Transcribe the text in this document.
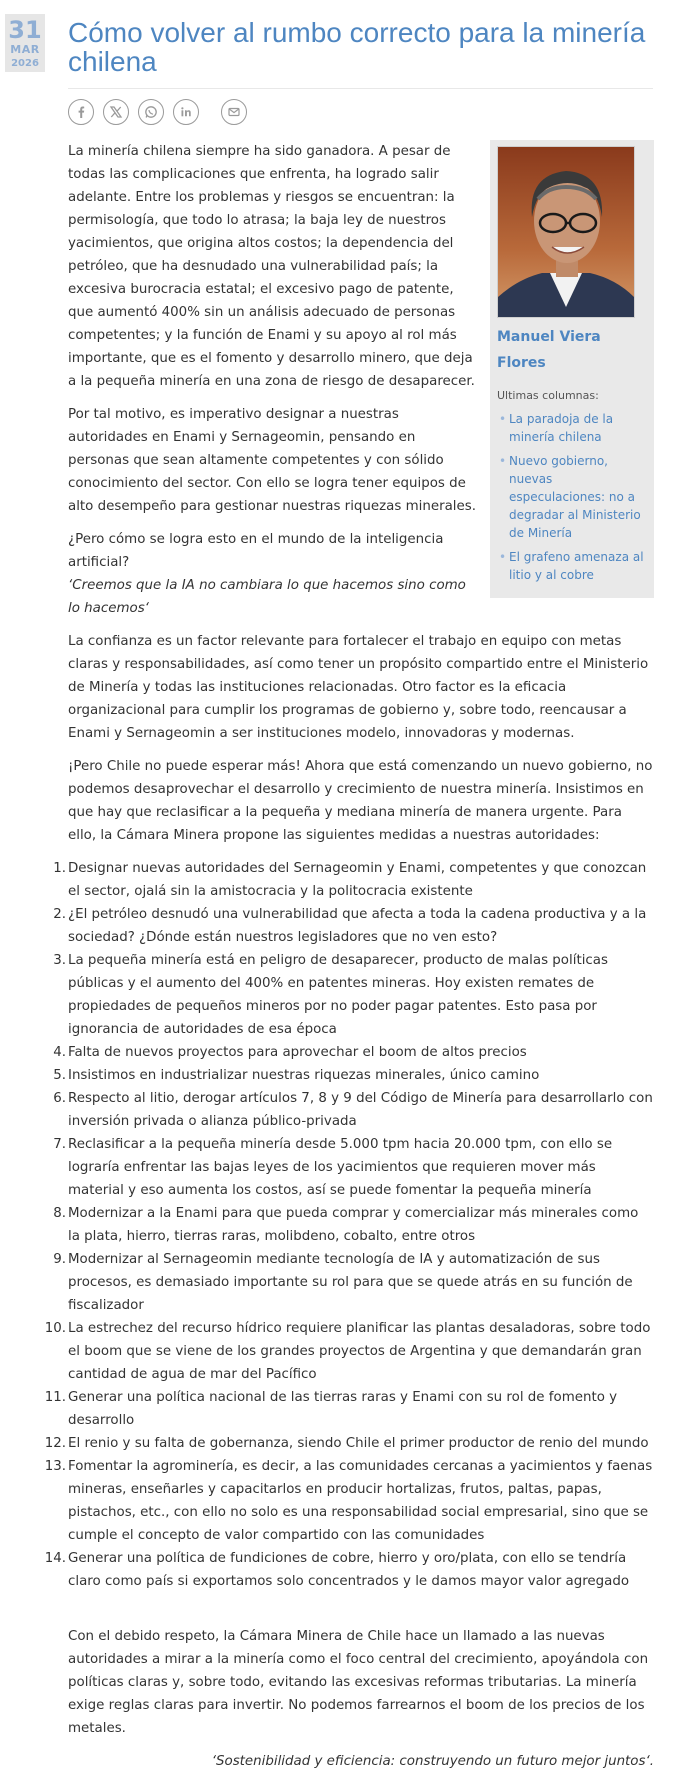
31
MAR
2026
Cómo volver al rumbo correcto para la minería chilena
Manuel Viera Flores
Ultimas columnas:
• La paradoja de la minería chilena
• Nuevo gobierno, nuevas especulaciones: no a degradar al Ministerio de Minería
• El grafeno amenaza al litio y al cobre

La minería chilena siempre ha sido ganadora. A pesar de todas las complicaciones que enfrenta, ha logrado salir adelante. Entre los problemas y riesgos se encuentran: la permisología, que todo lo atrasa; la baja ley de nuestros yacimientos, que origina altos costos; la dependencia del petróleo, que ha desnudado una vulnerabilidad país; la excesiva burocracia estatal; el excesivo pago de patente, que aumentó 400% sin un análisis adecuado de personas competentes; y la función de Enami y su apoyo al rol más importante, que es el fomento y desarrollo minero, que deja a la pequeña minería en una zona de riesgo de desaparecer.

Por tal motivo, es imperativo designar a nuestras autoridades en Enami y Sernageomin, pensando en personas que sean altamente competentes y con sólido conocimiento del sector. Con ello se logra tener equipos de alto desempeño para gestionar nuestras riquezas minerales.

¿Pero cómo se logra esto en el mundo de la inteligencia artificial?
‘Creemos que la IA no cambiara lo que hacemos sino como lo hacemos‘

La confianza es un factor relevante para fortalecer el trabajo en equipo con metas claras y responsabilidades, así como tener un propósito compartido entre el Ministerio de Minería y todas las instituciones relacionadas. Otro factor es la eficacia organizacional para cumplir los programas de gobierno y, sobre todo, reencausar a Enami y Sernageomin a ser instituciones modelo, innovadoras y modernas.

¡Pero Chile no puede esperar más! Ahora que está comenzando un nuevo gobierno, no podemos desaprovechar el desarrollo y crecimiento de nuestra minería. Insistimos en que hay que reclasificar a la pequeña y mediana minería de manera urgente. Para ello, la Cámara Minera propone las siguientes medidas a nuestras autoridades:

1. Designar nuevas autoridades del Sernageomin y Enami, competentes y que conozcan el sector, ojalá sin la amistocracia y la politocracia existente
2. ¿El petróleo desnudó una vulnerabilidad que afecta a toda la cadena productiva y a la sociedad? ¿Dónde están nuestros legisladores que no ven esto?
3. La pequeña minería está en peligro de desaparecer, producto de malas políticas públicas y el aumento del 400% en patentes mineras. Hoy existen remates de propiedades de pequeños mineros por no poder pagar patentes. Esto pasa por ignorancia de autoridades de esa época
4. Falta de nuevos proyectos para aprovechar el boom de altos precios
5. Insistimos en industrializar nuestras riquezas minerales, único camino
6. Respecto al litio, derogar artículos 7, 8 y 9 del Código de Minería para desarrollarlo con inversión privada o alianza público-privada
7. Reclasificar a la pequeña minería desde 5.000 tpm hacia 20.000 tpm, con ello se lograría enfrentar las bajas leyes de los yacimientos que requieren mover más material y eso aumenta los costos, así se puede fomentar la pequeña minería
8. Modernizar a la Enami para que pueda comprar y comercializar más minerales como la plata, hierro, tierras raras, molibdeno, cobalto, entre otros
9. Modernizar al Sernageomin mediante tecnología de IA y automatización de sus procesos, es demasiado importante su rol para que se quede atrás en su función de fiscalizador
10. La estrechez del recurso hídrico requiere planificar las plantas desaladoras, sobre todo el boom que se viene de los grandes proyectos de Argentina y que demandarán gran cantidad de agua de mar del Pacífico
11. Generar una política nacional de las tierras raras y Enami con su rol de fomento y desarrollo
12. El renio y su falta de gobernanza, siendo Chile el primer productor de renio del mundo
13. Fomentar la agrominería, es decir, a las comunidades cercanas a yacimientos y faenas mineras, enseñarles y capacitarlos en producir hortalizas, frutos, paltas, papas, pistachos, etc., con ello no solo es una responsabilidad social empresarial, sino que se cumple el concepto de valor compartido con las comunidades
14. Generar una política de fundiciones de cobre, hierro y oro/plata, con ello se tendría claro como país si exportamos solo concentrados y le damos mayor valor agregado

Con el debido respeto, la Cámara Minera de Chile hace un llamado a las nuevas autoridades a mirar a la minería como el foco central del crecimiento, apoyándola con políticas claras y, sobre todo, evitando las excesivas reformas tributarias. La minería exige reglas claras para invertir. No podemos farrearnos el boom de los precios de los metales.

‘Sostenibilidad y eficiencia: construyendo un futuro mejor juntos‘.
